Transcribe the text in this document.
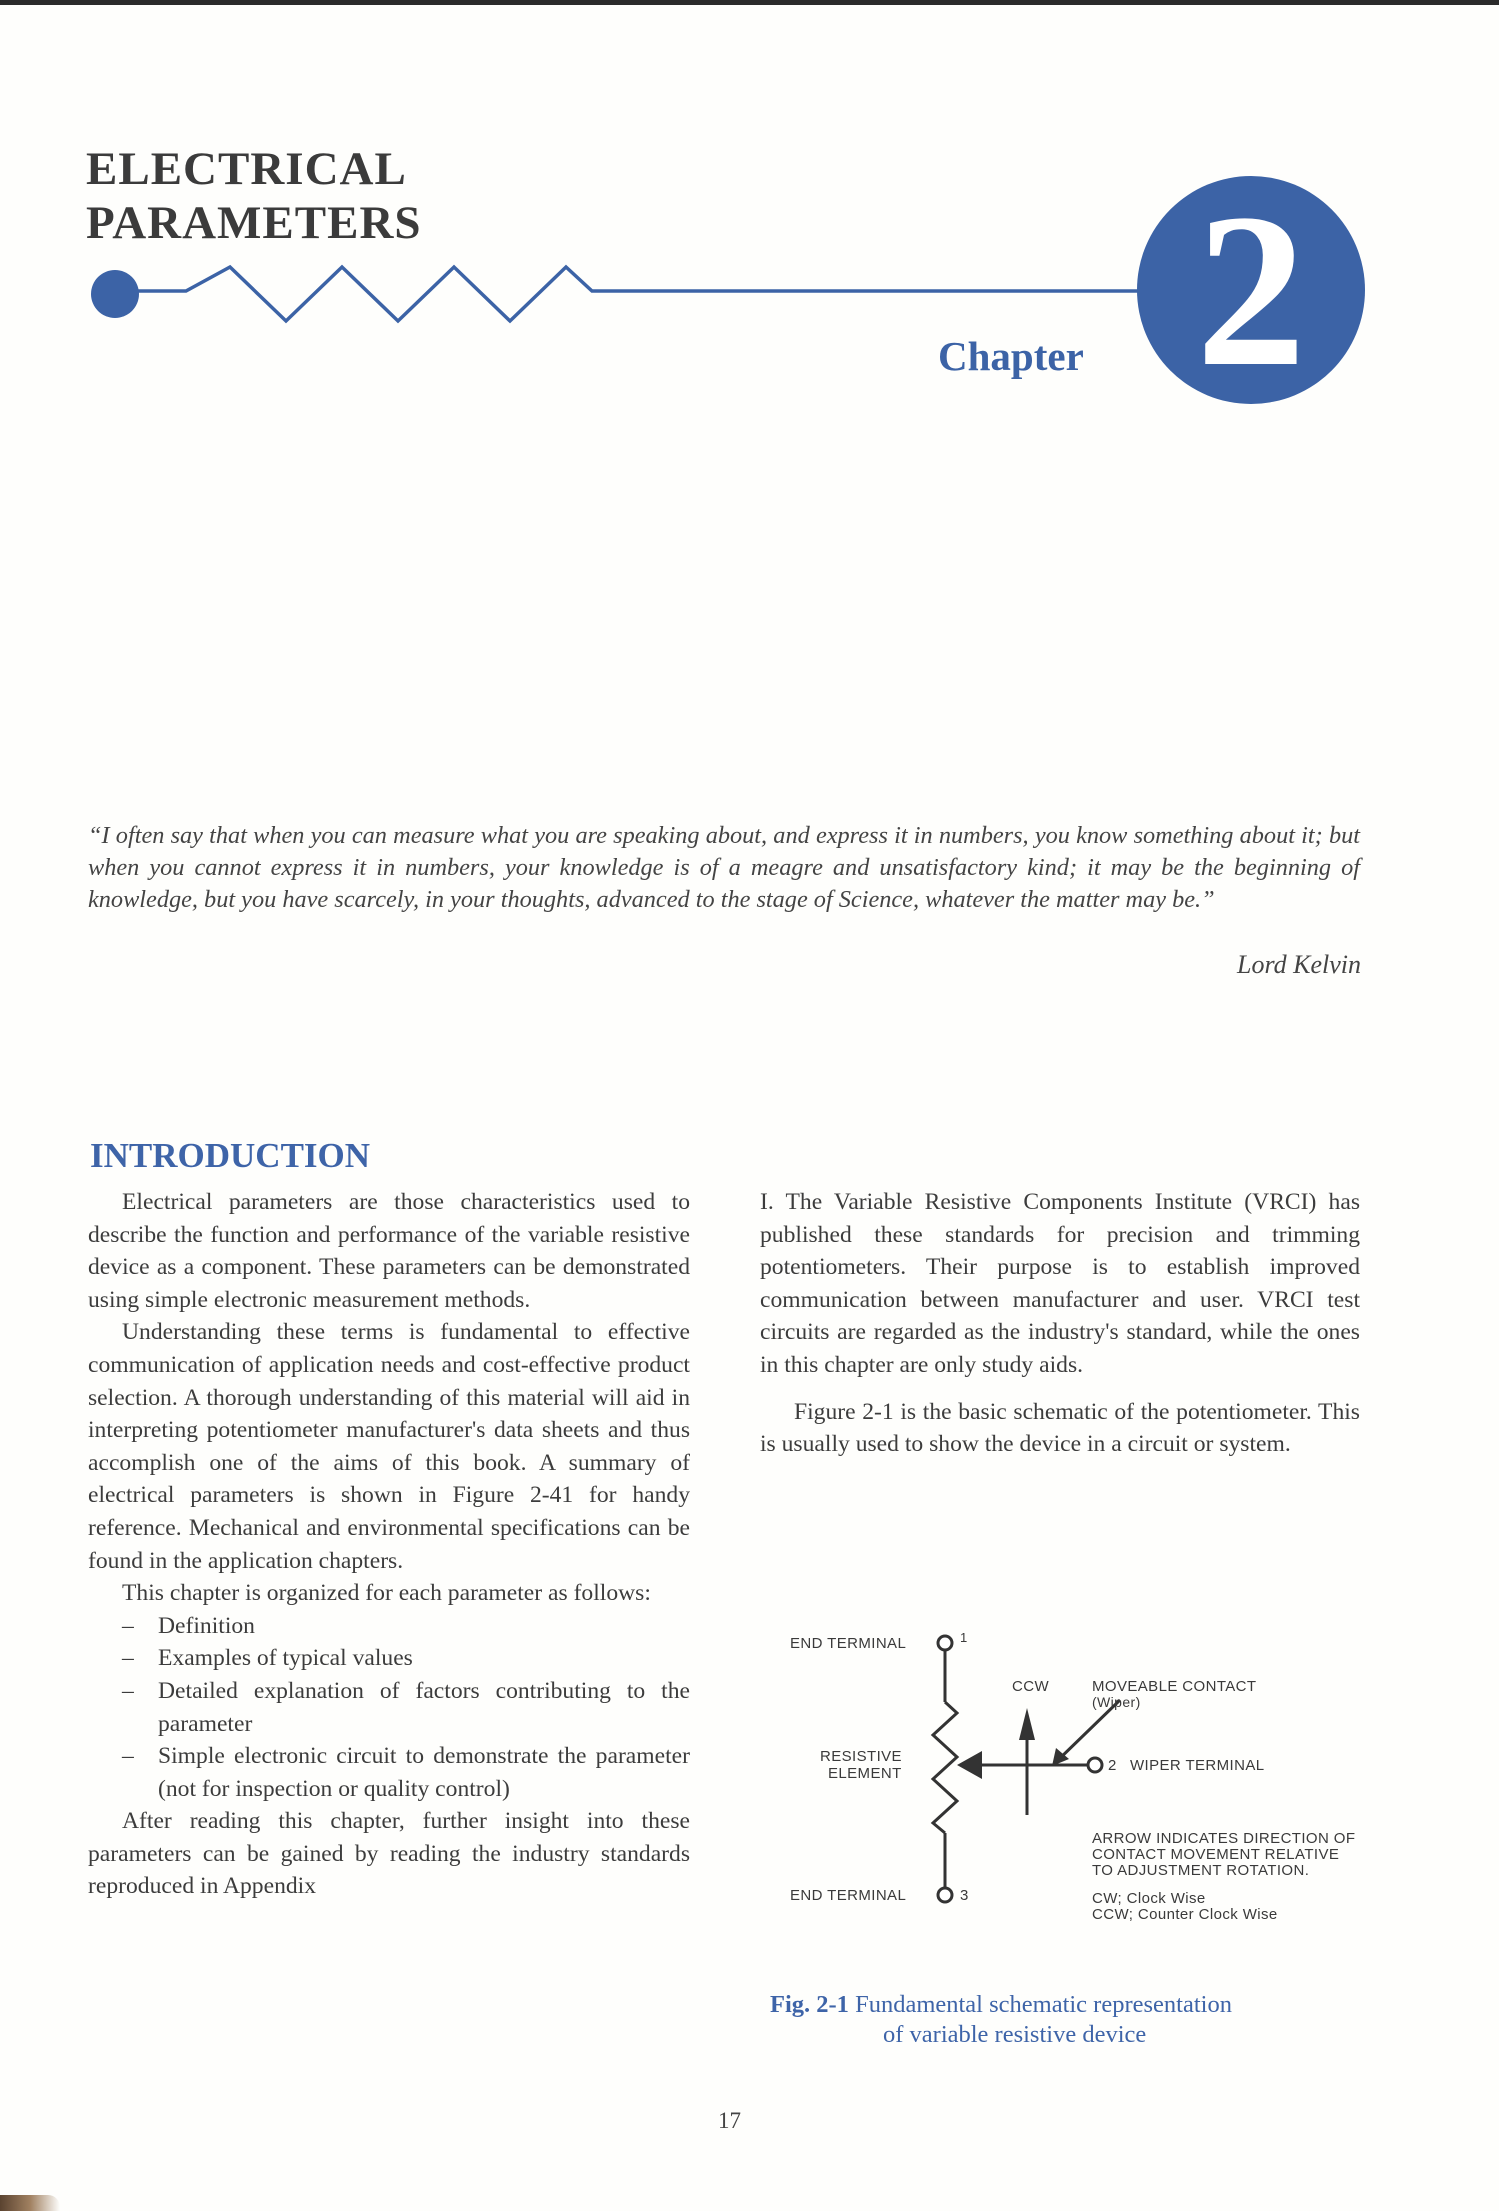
ELECTRICAL
PARAMETERS
Chapter 2
“I often say that when you can measure what you are speaking about, and express it in numbers, you know something about it; but when you cannot express it in numbers, your knowledge is of a meagre and unsatisfactory kind; it may be the beginning of knowledge, but you have scarcely, in your thoughts, advanced to the stage of Science, whatever the matter may be.”
Lord Kelvin
INTRODUCTION

Electrical parameters are those characteristics used to describe the function and performance of the variable resistive device as a component. These parameters can be demonstrated using simple electronic measurement methods.

Understanding these terms is fundamental to effective communication of application needs and cost-effective product selection. A thorough understanding of this material will aid in interpreting potentiometer manufacturer's data sheets and thus accomplish one of the aims of this book. A summary of electrical parameters is shown in Figure 2-41 for handy reference. Mechanical and environmental specifications can be found in the application chapters.

This chapter is organized for each parameter as follows:

– Definition
– Examples of typical values
– Detailed explanation of factors contributing to the parameter
– Simple electronic circuit to demonstrate the parameter (not for inspection or quality control)

After reading this chapter, further insight into these parameters can be gained by reading the industry standards reproduced in Appendix

I. The Variable Resistive Components Institute (VRCI) has published these standards for precision and trimming potentiometers. Their purpose is to establish improved communication between manufacturer and user. VRCI test circuits are regarded as the industry's standard, while the ones in this chapter are only study aids.

Figure 2-1 is the basic schematic of the potentiometer. This is usually used to show the device in a circuit or system.

END TERMINAL	1
CCW	MOVEABLE CONTACT
(Wiper)
RESISTIVE
ELEMENT	2 WIPER TERMINAL
ARROW INDICATES DIRECTION OF
CONTACT MOVEMENT RELATIVE
TO ADJUSTMENT ROTATION.
END TERMINAL	3	CW; Clock Wise
CCW; Counter Clock Wise
Fig. 2-1 Fundamental schematic representation
of variable resistive device
17
